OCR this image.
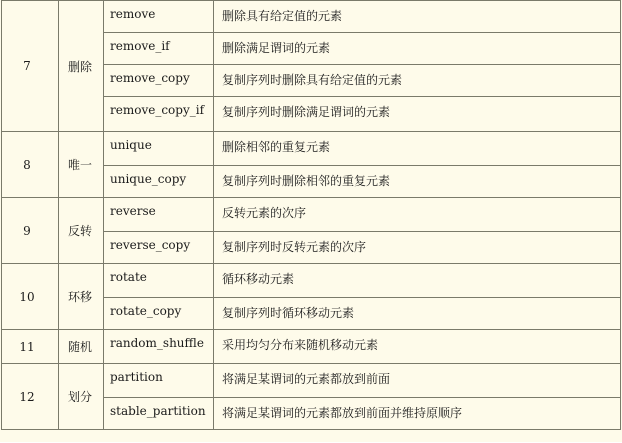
7	删除	remove	删除具有给定值的元素
		remove_if	删除满足谓词的元素
		remove_copy	复制序列时删除具有给定值的元素
		remove_copy_if	复制序列时删除满足谓词的元素
8	唯一	unique	删除相邻的重复元素
		unique_copy	复制序列时删除相邻的重复元素
9	反转	reverse	反转元素的次序
		reverse_copy	复制序列时反转元素的次序
10	环移	rotate	循环移动元素
		rotate_copy	复制序列时循环移动元素
11	随机	random_shuffle	采用均匀分布来随机移动元素
12	划分	partition	将满足某谓词的元素都放到前面
		stable_partition	将满足某谓词的元素都放到前面并维持原顺序
